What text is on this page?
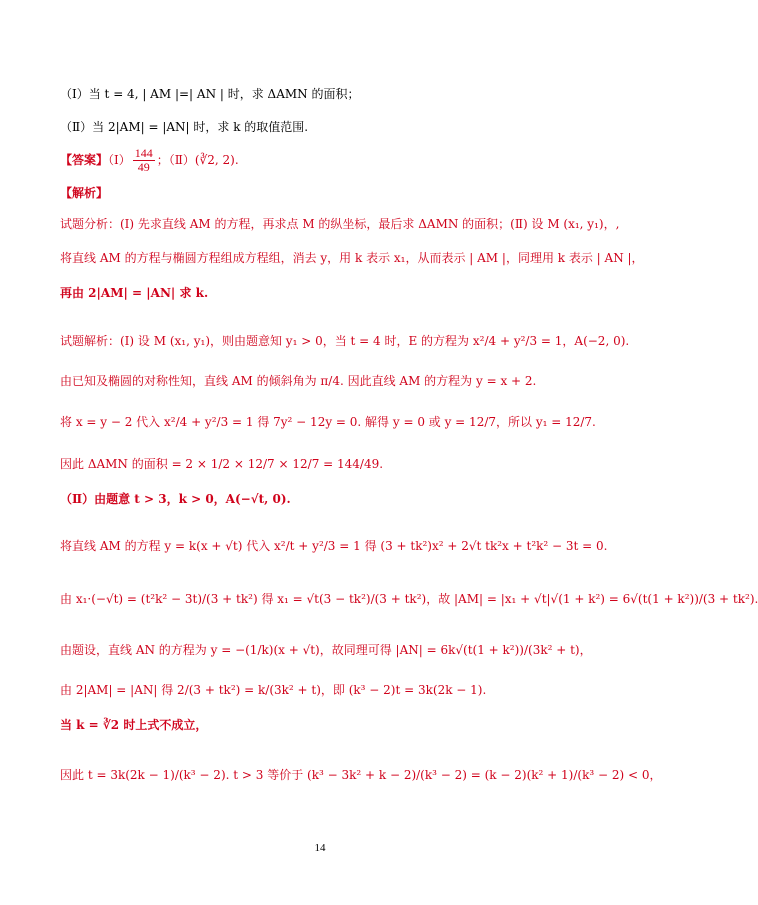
（Ⅰ）当 t = 4, | AM |=| AN | 时，求 ΔAMN 的面积；
（Ⅱ）当 2|AM| = |AN| 时，求 k 的取值范围.
【答案】（Ⅰ） $\frac{144}{49}$ ；（Ⅱ）(∛2, 2).
【解析】
试题分析：(Ⅰ) 先求直线 AM 的方程，再求点 M 的纵坐标，最后求 ΔAMN 的面积；(Ⅱ) 设 M (x₁, y₁)，,
将直线 AM 的方程与椭圆方程组成方程组，消去 y，用 k 表示 x₁，从而表示 | AM |，同理用 k 表示 | AN |，
再由 2|AM| = |AN| 求 k.
试题解析：(Ⅰ) 设 M (x₁, y₁)，则由题意知 y₁ > 0，当 t = 4 时，E 的方程为 x²/4 + y²/3 = 1，A(−2, 0).
由已知及椭圆的对称性知，直线 AM 的倾斜角为 π/4. 因此直线 AM 的方程为 y = x + 2.
将 x = y − 2 代入 x²/4 + y²/3 = 1 得 7y² − 12y = 0. 解得 y = 0 或 y = 12/7，所以 y₁ = 12/7.
因此 ΔAMN 的面积 = 2 × 1/2 × 12/7 × 12/7 = 144/49.
（Ⅱ）由题意 t > 3，k > 0，A(−√t, 0).
将直线 AM 的方程 y = k(x + √t) 代入 x²/t + y²/3 = 1 得 (3 + tk²)x² + 2√t tk²x + t²k² − 3t = 0.
由 x₁·(−√t) = (t²k² − 3t)/(3 + tk²) 得 x₁ = √t(3 − tk²)/(3 + tk²)，故 |AM| = |x₁ + √t|√(1 + k²) = 6√(t(1 + k²))/(3 + tk²).
由题设，直线 AN 的方程为 y = −(1/k)(x + √t)，故同理可得 |AN| = 6k√(t(1 + k²))/(3k² + t)，
由 2|AM| = |AN| 得 2/(3 + tk²) = k/(3k² + t)，即 (k³ − 2)t = 3k(2k − 1).
当 k = ∛2 时上式不成立，
因此 t = 3k(2k − 1)/(k³ − 2). t > 3 等价于 (k³ − 3k² + k − 2)/(k³ − 2) = (k − 2)(k² + 1)/(k³ − 2) < 0，
14
